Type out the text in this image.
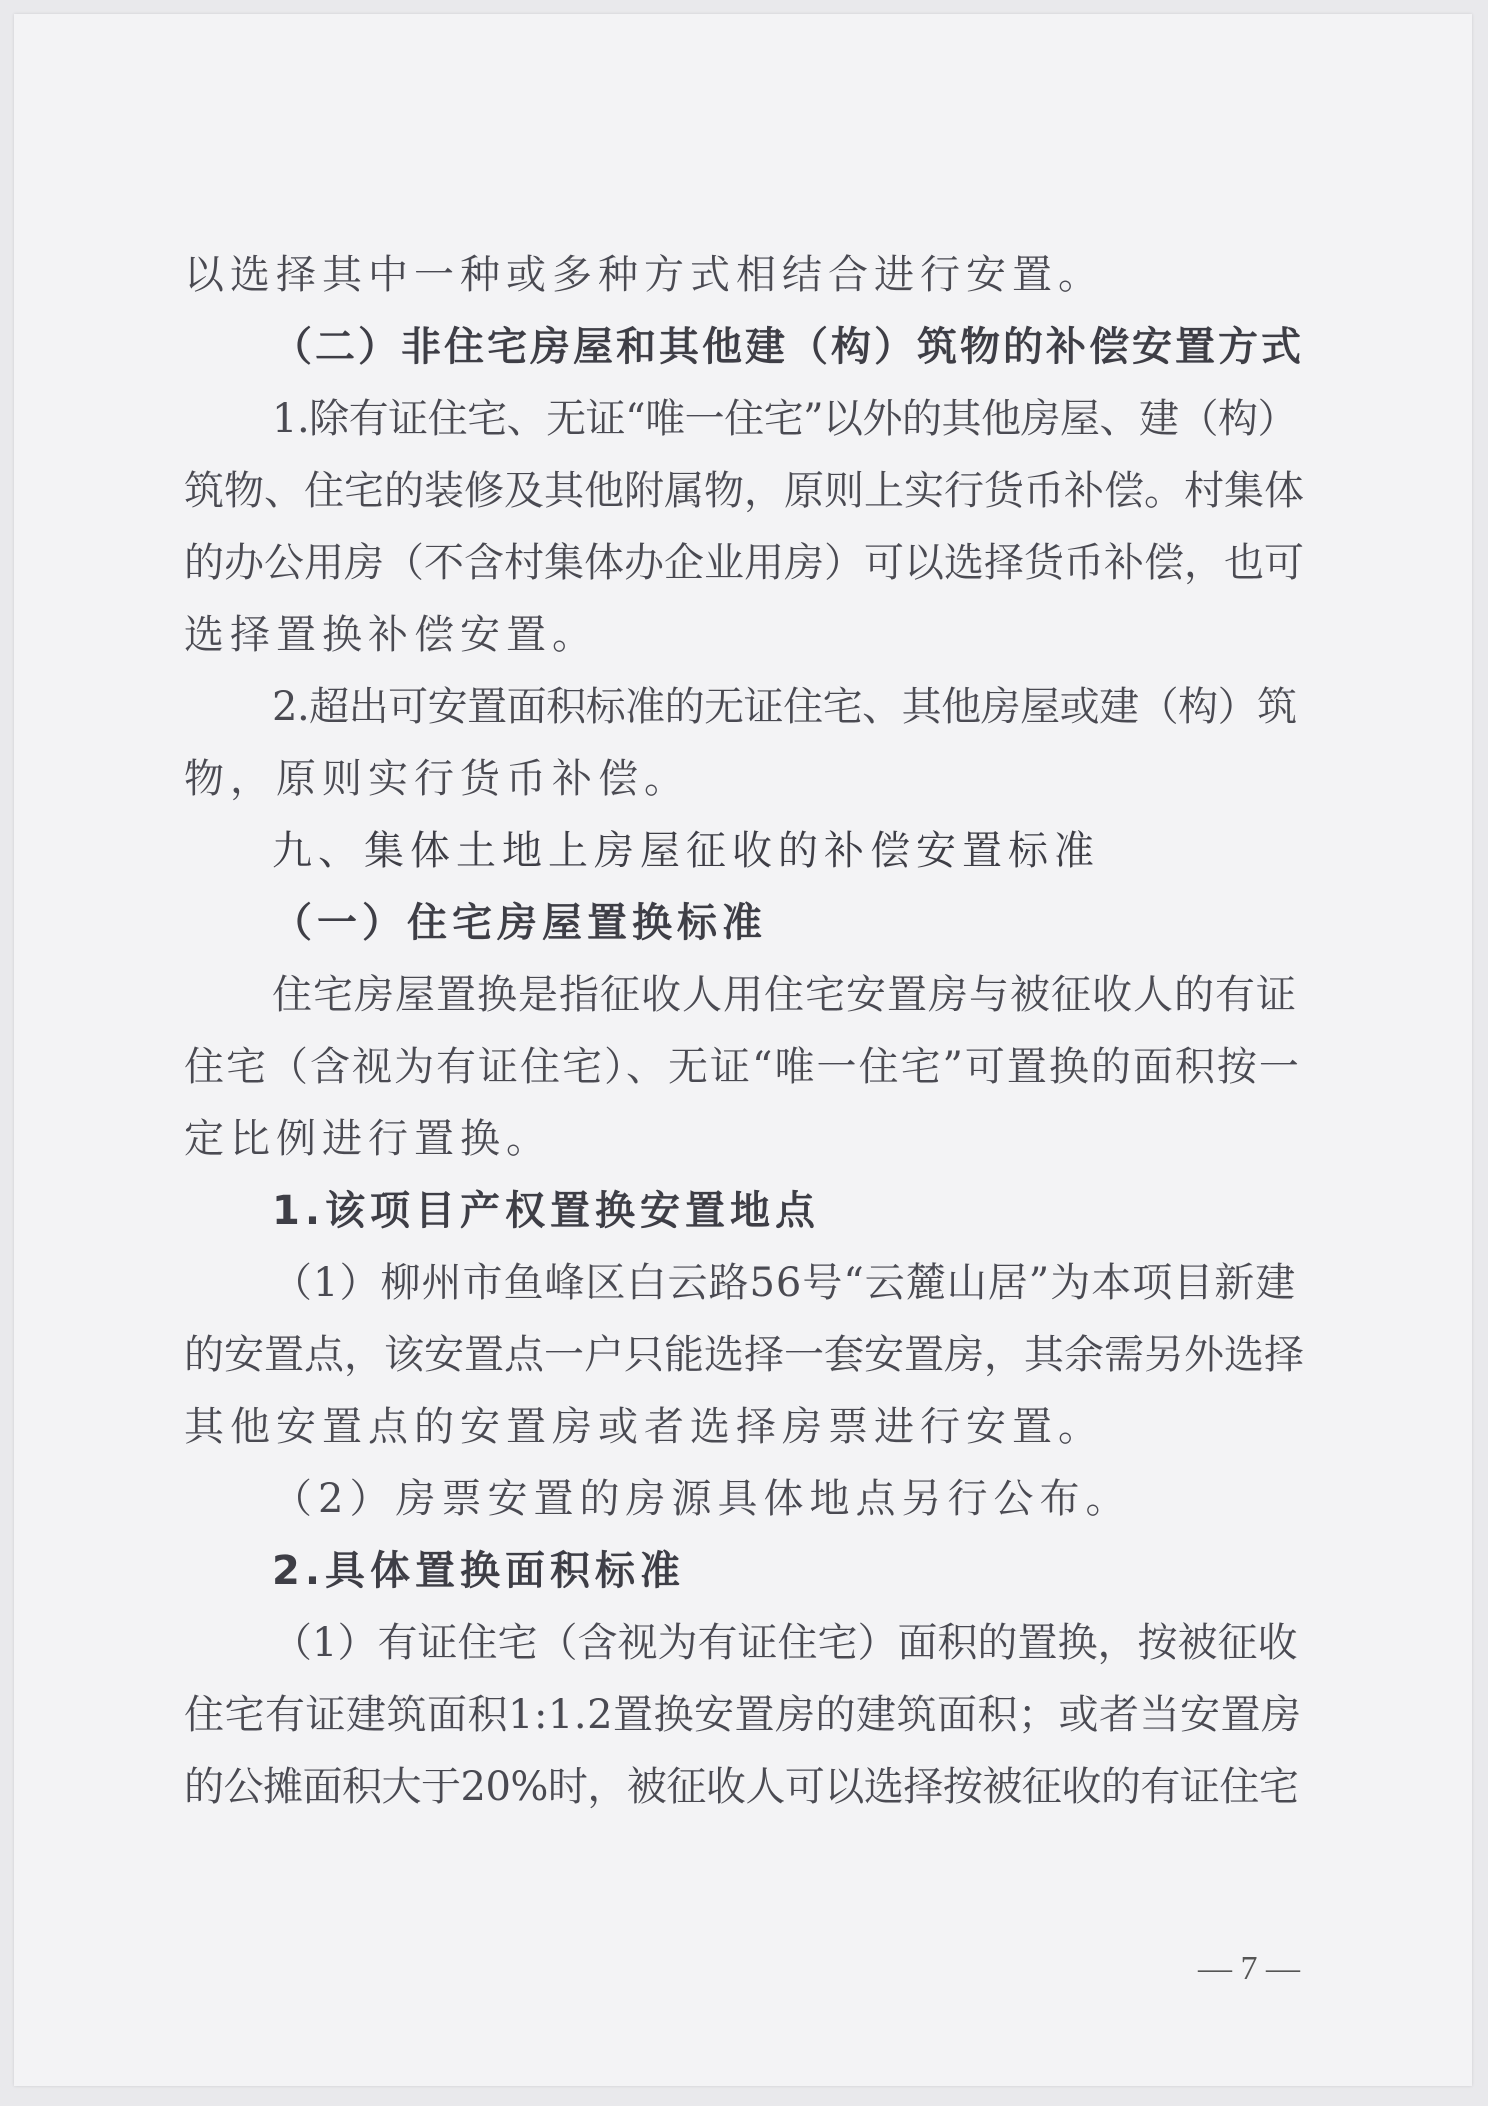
以选择其中一种或多种方式相结合进行安置。
（二）非住宅房屋和其他建（构）筑物的补偿安置方式
1.除有证住宅、无证“唯一住宅”以外的其他房屋、建（构）
筑物、住宅的装修及其他附属物，原则上实行货币补偿。村集体
的办公用房（不含村集体办企业用房）可以选择货币补偿，也可
选择置换补偿安置。
2.超出可安置面积标准的无证住宅、其他房屋或建（构）筑
物，原则实行货币补偿。
九、集体土地上房屋征收的补偿安置标准
（一）住宅房屋置换标准
住宅房屋置换是指征收人用住宅安置房与被征收人的有证
住宅（含视为有证住宅）、无证“唯一住宅”可置换的面积按一
定比例进行置换。
1.该项目产权置换安置地点
（1）柳州市鱼峰区白云路56号“云麓山居”为本项目新建
的安置点，该安置点一户只能选择一套安置房，其余需另外选择
其他安置点的安置房或者选择房票进行安置。
（2）房票安置的房源具体地点另行公布。
2.具体置换面积标准
（1）有证住宅（含视为有证住宅）面积的置换，按被征收
住宅有证建筑面积1:1.2置换安置房的建筑面积；或者当安置房
的公摊面积大于20%时，被征收人可以选择按被征收的有证住宅
— 7 —
